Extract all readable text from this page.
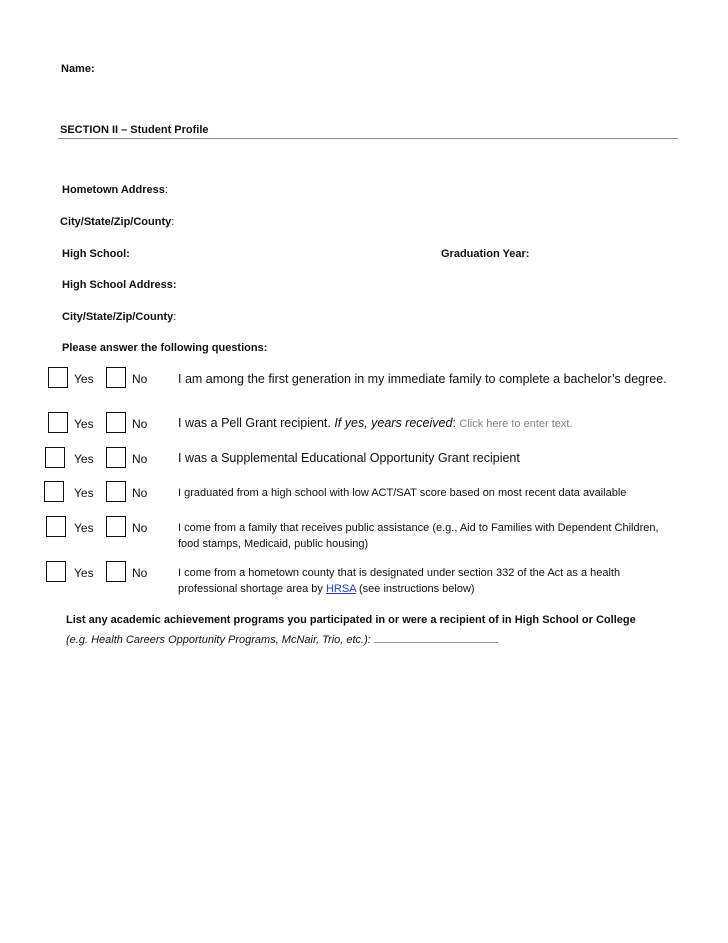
Name:
SECTION II – Student Profile
Hometown Address:
City/State/Zip/County:
High School:	Graduation Year:
High School Address:
City/State/Zip/County:
Please answer the following questions:
Yes	No I am among the first generation in my immediate family to complete a bachelor’s degree.
Yes	No I was a Pell Grant recipient. If yes, years received: Click here to enter text.
Yes	No I was a Supplemental Educational Opportunity Grant recipient
Yes	No	I graduated from a high school with low ACT/SAT score based on most recent data available
Yes	No	I come from a family that receives public assistance (e.g., Aid to Families with Dependent Children, food stamps, Medicaid, public housing)
Yes	No	I come from a hometown county that is designated under section 332 of the Act as a health professional shortage area by HRSA (see instructions below)
List any academic achievement programs you participated in or were a recipient of in High School or College
(e.g. Health Careers Opportunity Programs, McNair, Trio, etc.):
